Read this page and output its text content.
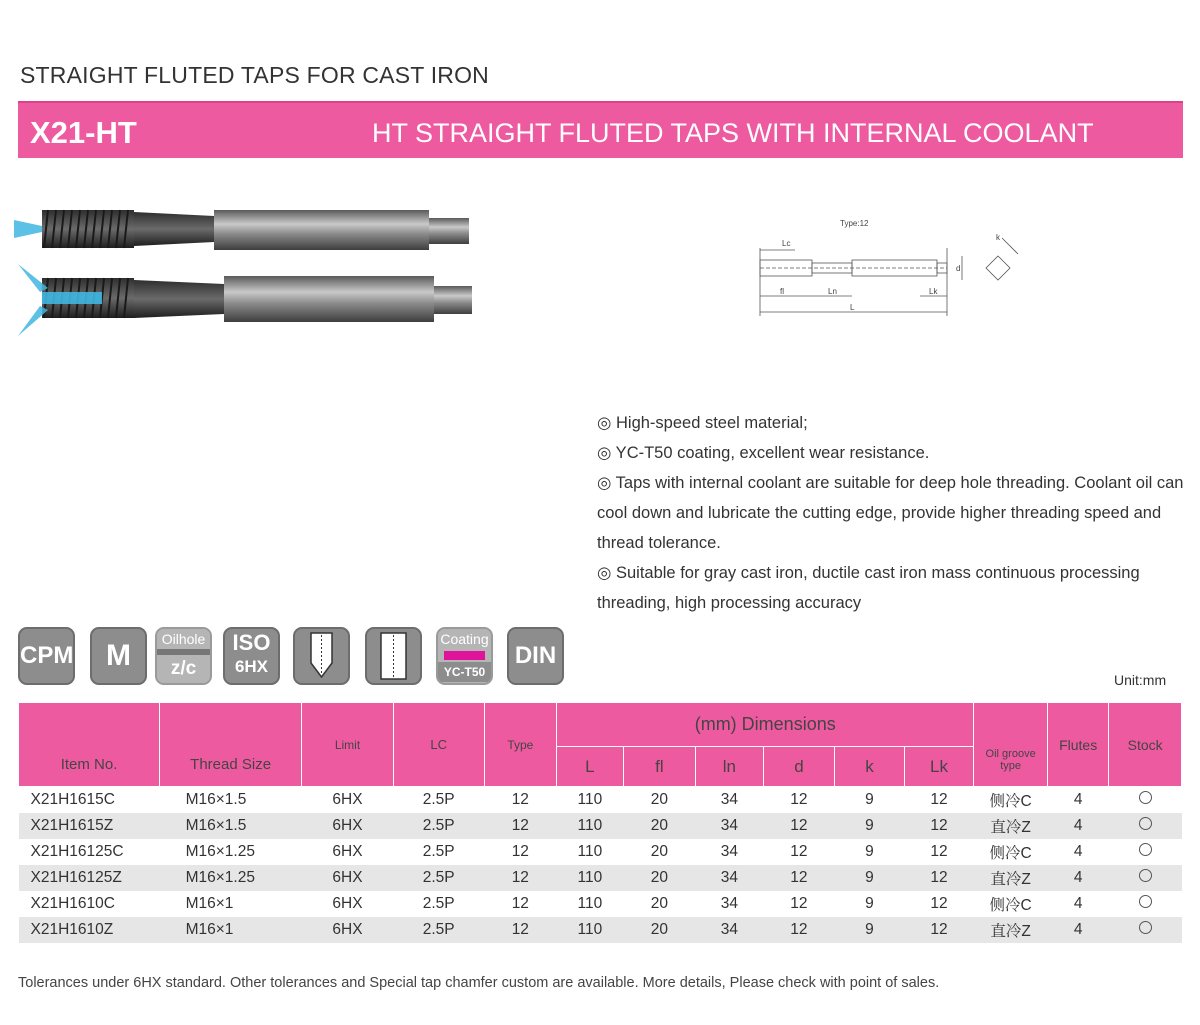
STRAIGHT FLUTED TAPS FOR CAST IRON
X21-HT	HT STRAIGHT FLUTED TAPS WITH INTERNAL COOLANT
Type:12
Lc
fl	Ln	Lk
L
d
k
◎ High-speed steel material;
◎ YC-T50 coating, excellent wear resistance.
◎ Taps with internal coolant are suitable for deep hole threading. Coolant oil can cool down and lubricate the cutting edge, provide higher threading speed and thread tolerance.
◎ Suitable for gray cast iron, ductile cast iron mass continuous processing threading, high processing accuracy
CPM	M	Oilhole
z/c
ISO
6HX
Coating
YC-T50
DIN
Unit:mm
Item No.	Thread Size	Limit	LC	Type	(mm) Dimensions						Oil groove type	Flutes	Stock
					L	fl	ln	d	k	Lk			
X21H1615C	M16×1.5	6HX	2.5P	12	110	20	34	12	9	12	侧冷C	4	
X21H1615Z	M16×1.5	6HX	2.5P	12	110	20	34	12	9	12	直冷Z	4	
X21H16125C	M16×1.25	6HX	2.5P	12	110	20	34	12	9	12	侧冷C	4	
X21H16125Z	M16×1.25	6HX	2.5P	12	110	20	34	12	9	12	直冷Z	4	
X21H1610C	M16×1	6HX	2.5P	12	110	20	34	12	9	12	侧冷C	4	
X21H1610Z	M16×1	6HX	2.5P	12	110	20	34	12	9	12	直冷Z	4	
Tolerances under 6HX standard. Other tolerances and Special tap chamfer custom are available. More details, Please check with point of sales.
